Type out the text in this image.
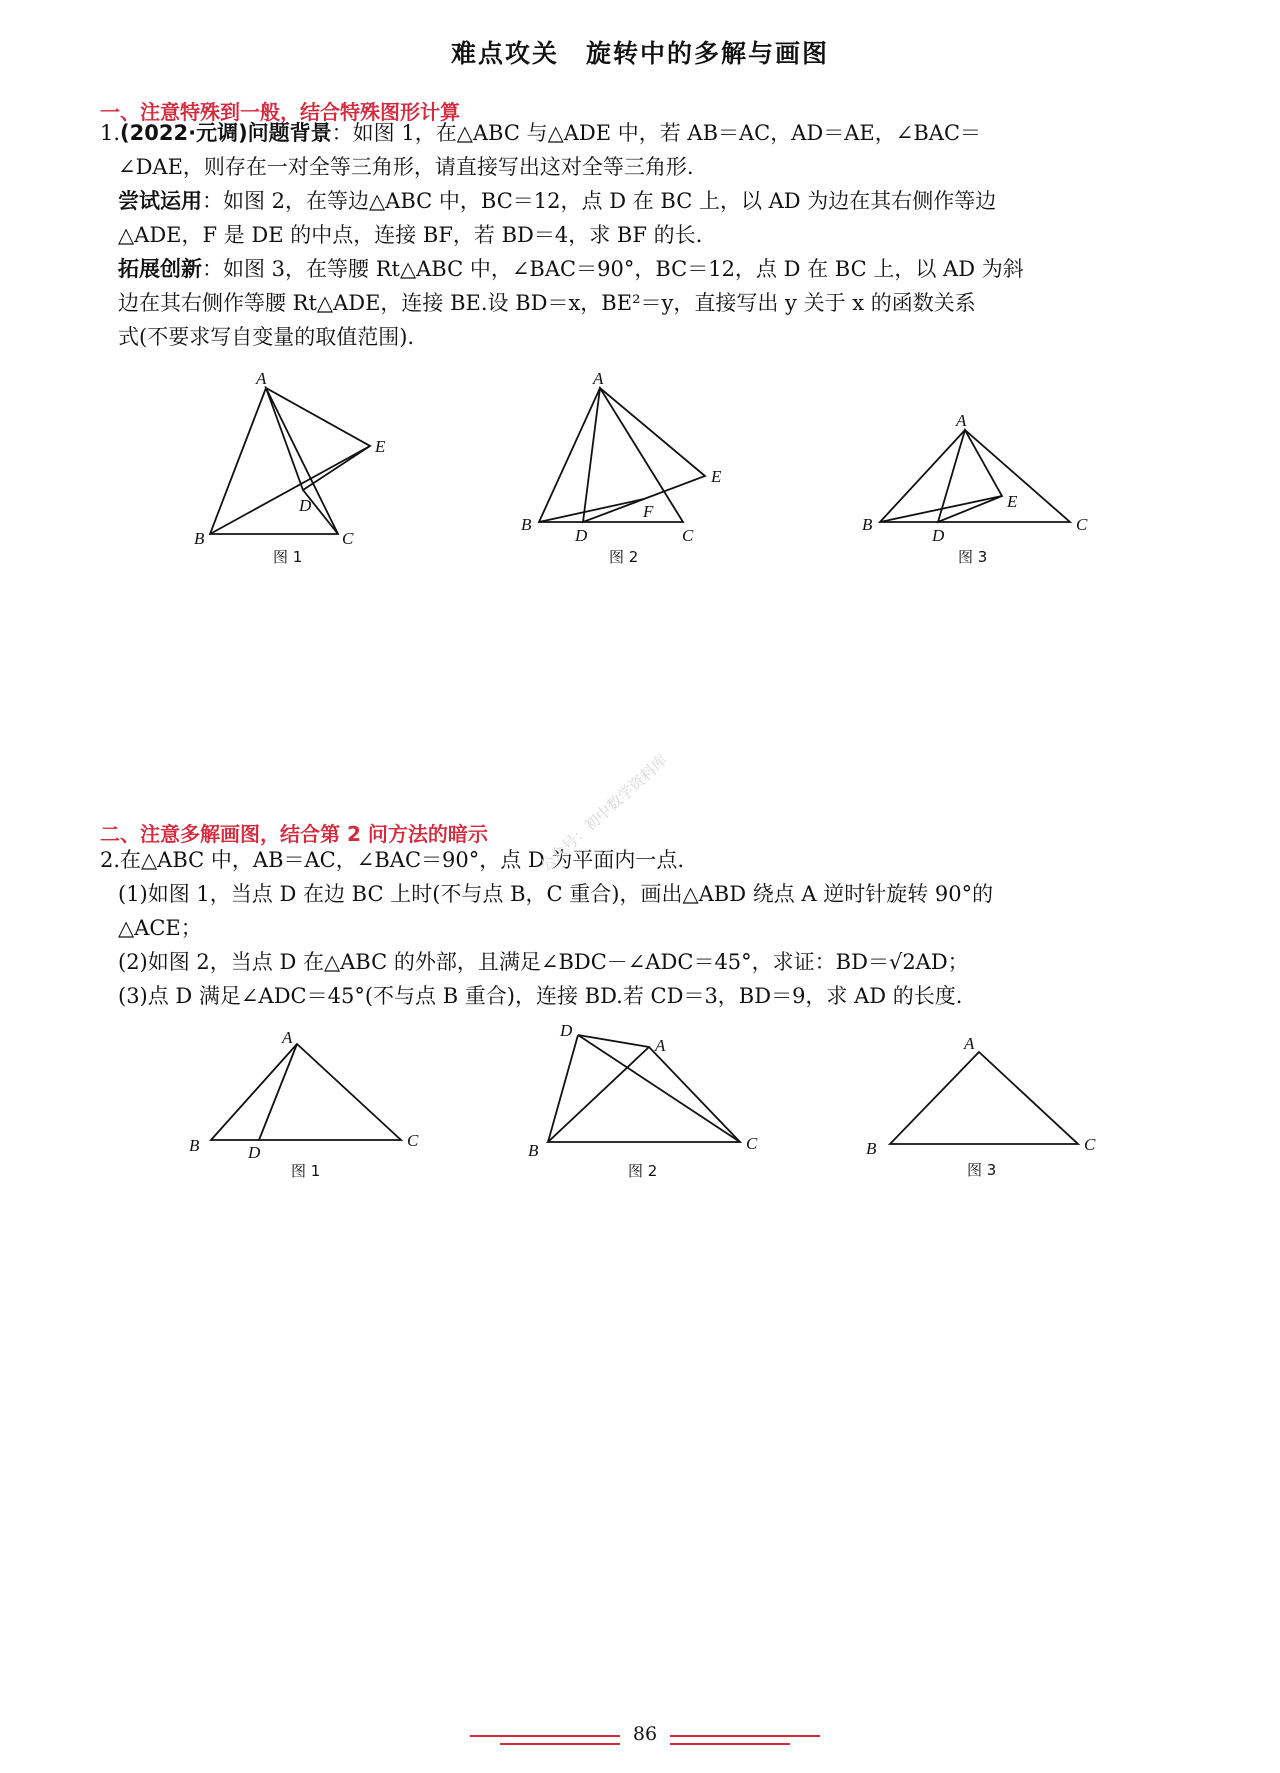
难点攻关　旋转中的多解与画图
一、注意特殊到一般，结合特殊图形计算
1.(2022·元调)问题背景：如图 1，在△ABC 与△ADE 中，若 AB＝AC，AD＝AE，∠BAC＝
∠DAE，则存在一对全等三角形，请直接写出这对全等三角形.
尝试运用：如图 2，在等边△ABC 中，BC＝12，点 D 在 BC 上，以 AD 为边在其右侧作等边
△ADE，F 是 DE 的中点，连接 BF，若 BD＝4，求 BF 的长.
拓展创新：如图 3，在等腰 Rt△ABC 中，∠BAC＝90°，BC＝12，点 D 在 BC 上，以 AD 为斜
边在其右侧作等腰 Rt△ADE，连接 BE.设 BD＝x，BE²＝y，直接写出 y 关于 x 的函数关系
式(不要求写自变量的取值范围).
A
B	C
D
E
图 1
A
B
C
D
E
F
图 2
A
B	C
D
E
图 3
二、注意多解画图，结合第 2 问方法的暗示
2.在△ABC 中，AB＝AC，∠BAC＝90°，点 D 为平面内一点.
(1)如图 1，当点 D 在边 BC 上时(不与点 B，C 重合)，画出△ABD 绕点 A 逆时针旋转 90°的
△ACE；
(2)如图 2，当点 D 在△ABC 的外部，且满足∠BDC－∠ADC＝45°，求证：BD＝√2AD；
(3)点 D 满足∠ADC＝45°(不与点 B 重合)，连接 BD.若 CD＝3，BD＝9，求 AD 的长度.
A
B	C
D
图 1
A
B	C
D
图 2
A
B	C
图 3
公众号：初中数学资料库
86
